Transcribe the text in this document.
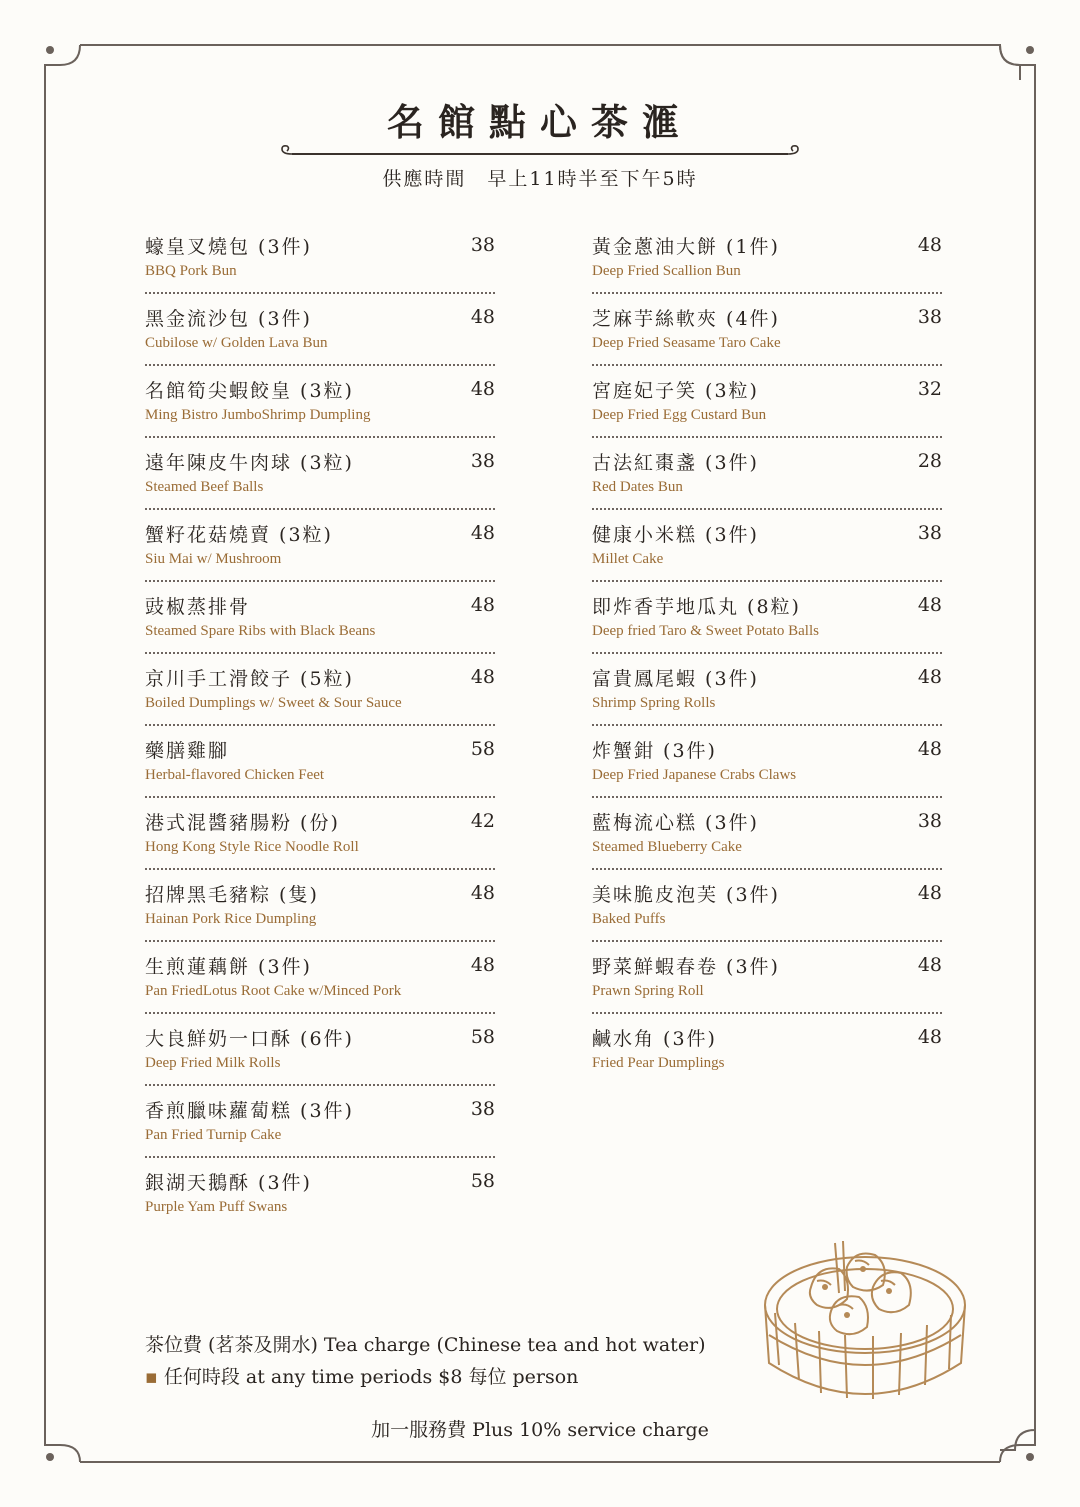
名館點心茶滙
供應時間　早上11時半至下午5時
蠔皇叉燒包 (3件)	38
BBQ Pork Bun
黑金流沙包 (3件)	48
Cubilose w/ Golden Lava Bun
名館筍尖蝦餃皇 (3粒)	48
Ming Bistro JumboShrimp Dumpling
遠年陳皮牛肉球 (3粒)	38
Steamed Beef Balls
蟹籽花菇燒賣 (3粒)	48
Siu Mai w/ Mushroom
豉椒蒸排骨	48
Steamed Spare Ribs with Black Beans
京川手工滑餃子 (5粒)	48
Boiled Dumplings w/ Sweet & Sour Sauce
藥膳雞腳	58
Herbal-flavored Chicken Feet
港式混醬豬腸粉 (份)	42
Hong Kong Style Rice Noodle Roll
招牌黑毛豬粽 (隻)	48
Hainan Pork Rice Dumpling
生煎蓮藕餅 (3件)	48
Pan FriedLotus Root Cake w/Minced Pork
大良鮮奶一口酥 (6件)	58
Deep Fried Milk Rolls
香煎臘味蘿蔔糕 (3件)	38
Pan Fried Turnip Cake
銀湖天鵝酥 (3件)	58
Purple Yam Puff Swans
黃金蔥油大餅 (1件)	48
Deep Fried Scallion Bun
芝麻芋絲軟夾 (4件)	38
Deep Fried Seasame Taro Cake
宮庭妃子笑 (3粒)	32
Deep Fried Egg Custard Bun
古法紅棗盞 (3件)	28
Red Dates Bun
健康小米糕 (3件)	38
Millet Cake
即炸香芋地瓜丸 (8粒)	48
Deep fried Taro & Sweet Potato Balls
富貴鳳尾蝦 (3件)	48
Shrimp Spring Rolls
炸蟹鉗 (3件)	48
Deep Fried Japanese Crabs Claws
藍梅流心糕 (3件)	38
Steamed Blueberry Cake
美味脆皮泡芙 (3件)	48
Baked Puffs
野菜鮮蝦春卷 (3件)	48
Prawn Spring Roll
鹹水角 (3件)	48
Fried Pear Dumplings
茶位費 (茗茶及開水) Tea charge (Chinese tea and hot water)
▪ 任何時段 at any time periods $8 每位 person
加一服務費 Plus 10% service charge
